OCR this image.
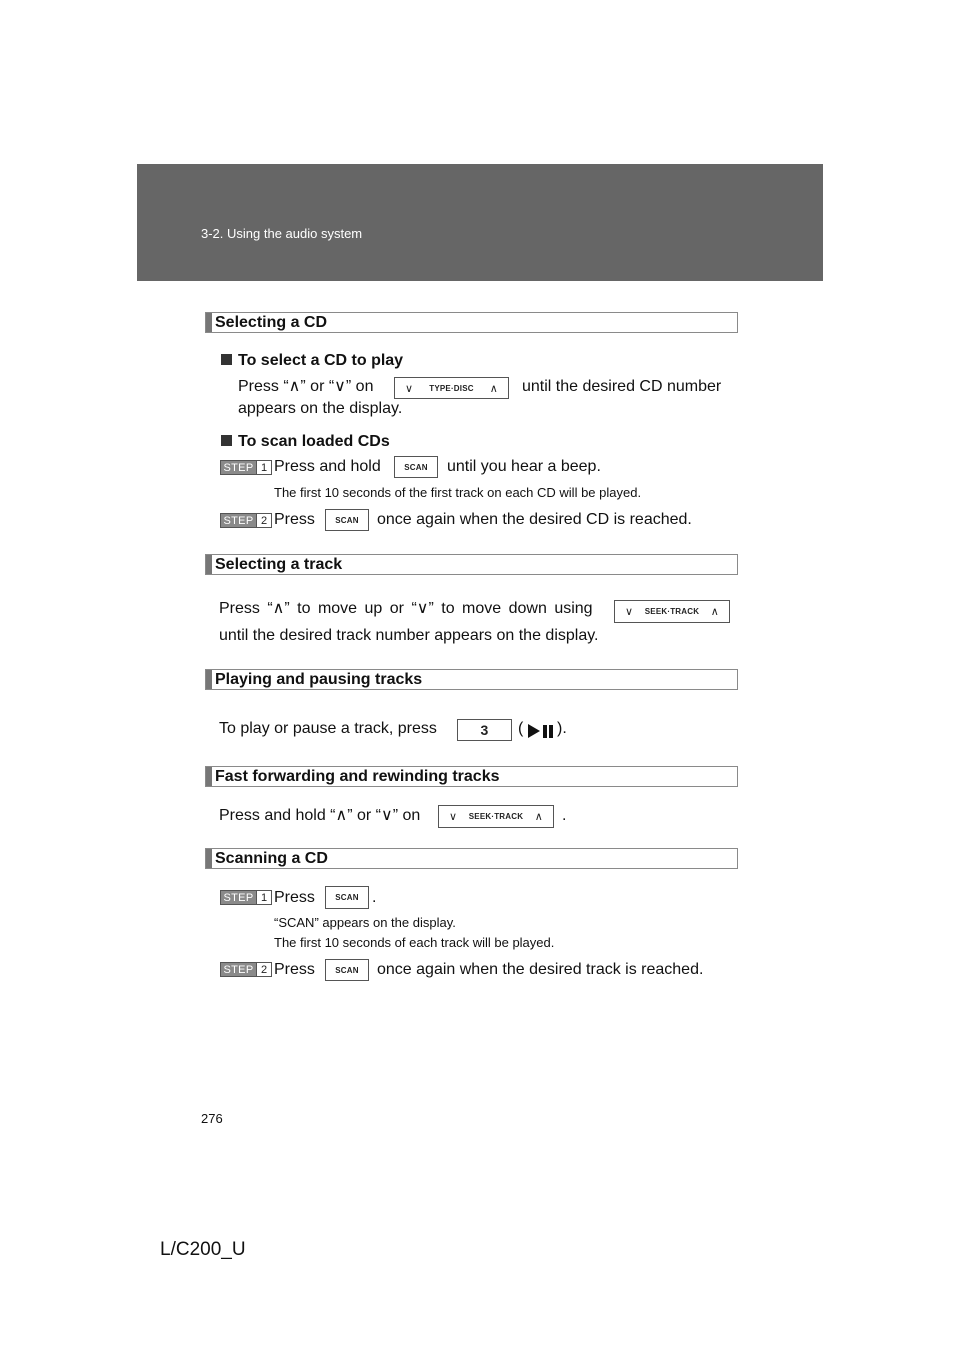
3-2. Using the audio system
Selecting a CD
To select a CD to play
Press “∧” or “∨” on	∨ TYPE·DISC ∧ until the desired CD number
appears on the display.
To scan loaded CDs
STEP 1 Press and hold	SCAN	until you hear a beep.
The first 10 seconds of the first track on each CD will be played.
STEP 2 Press	SCAN	once again when the desired CD is reached.
Selecting a track
Press “∧” to move up or “∨” to move down using	∨ SEEK·TRACK ∧
until the desired track number appears on the display.
Playing and pausing tracks
To play or pause a track, press	3	( ).
Fast forwarding and rewinding tracks
Press and hold “∧” or “∨” on	∨ SEEK·TRACK ∧ .
Scanning a CD
STEP 1 Press	SCAN .
“SCAN” appears on the display.
The first 10 seconds of each track will be played.
STEP 2 Press	SCAN	once again when the desired track is reached.
276
L/C200_U
